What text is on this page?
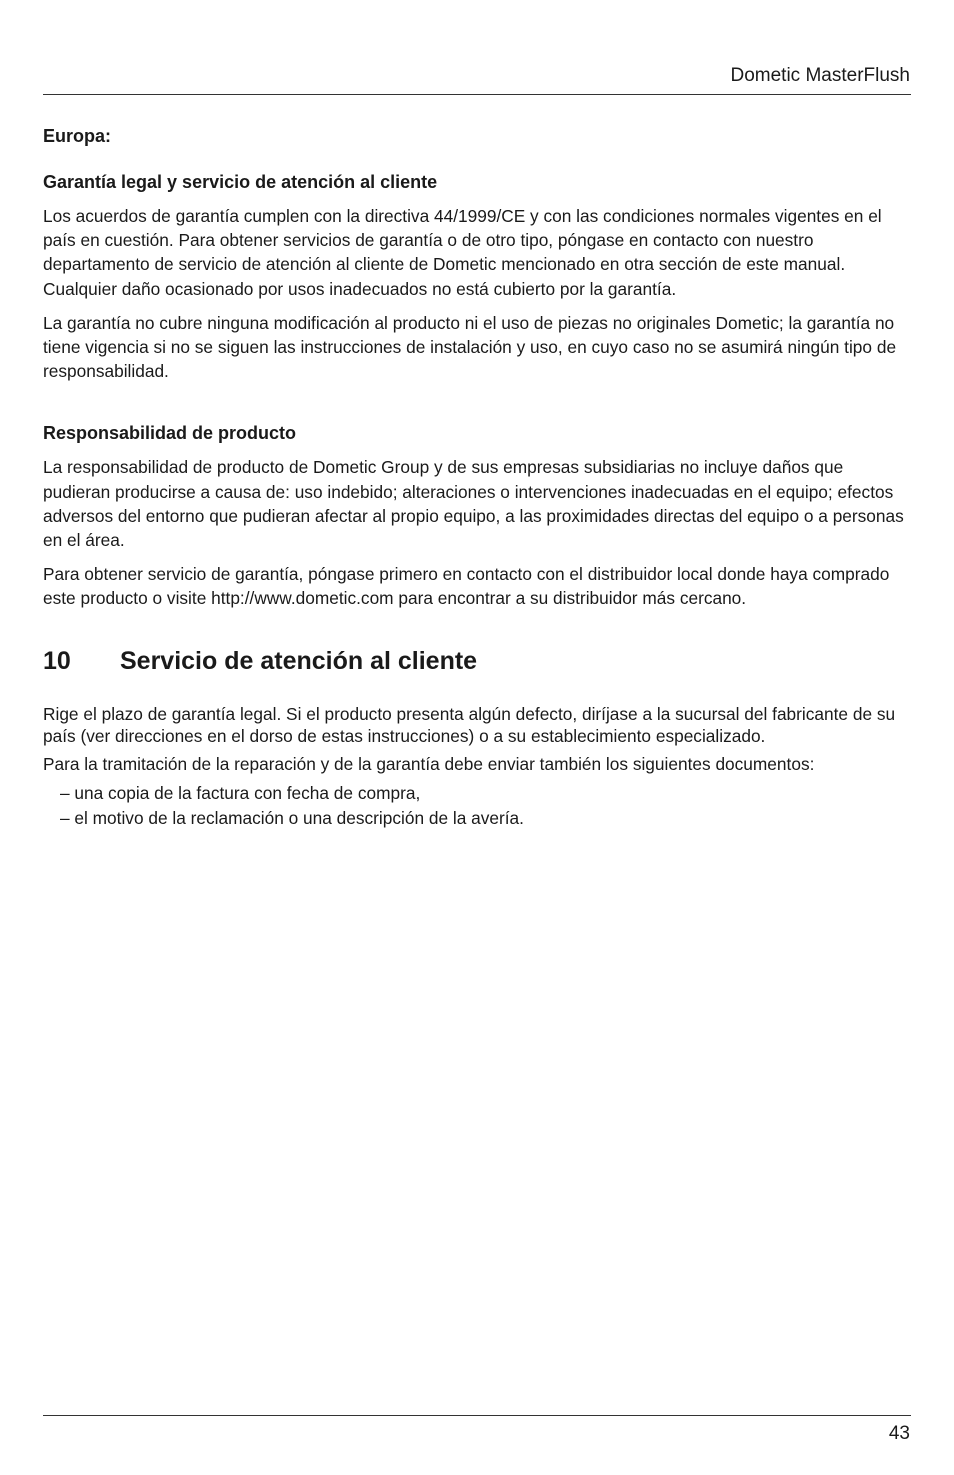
Dometic MasterFlush
Europa:
Garantía legal y servicio de atención al cliente

Los acuerdos de garantía cumplen con la directiva 44/1999/CE y con las condiciones normales vigentes en el país en cuestión. Para obtener servicios de garantía o de otro tipo, póngase en contacto con nuestro departamento de servicio de atención al cliente de Dometic mencionado en otra sección de este manual. Cualquier daño ocasionado por usos inadecuados no está cubierto por la garantía.

La garantía no cubre ninguna modificación al producto ni el uso de piezas no originales Dometic; la garantía no tiene vigencia si no se siguen las instrucciones de instalación y uso, en cuyo caso no se asumirá ningún tipo de responsabilidad.

Responsabilidad de producto

La responsabilidad de producto de Dometic Group y de sus empresas subsidiarias no incluye daños que pudieran producirse a causa de: uso indebido; alteraciones o intervenciones inadecuadas en el equipo; efectos adversos del entorno que pudieran afectar al propio equipo, a las proximidades directas del equipo o a personas en el área.

Para obtener servicio de garantía, póngase primero en contacto con el distribuidor local donde haya comprado este producto o visite http://www.dometic.com para encontrar a su distribuidor más cercano.

10	Servicio de atención al cliente

Rige el plazo de garantía legal. Si el producto presenta algún defecto, diríjase a la sucursal del fabricante de su país (ver direcciones en el dorso de estas instrucciones) o a su establecimiento especializado.

Para la tramitación de la reparación y de la garantía debe enviar también los siguientes documentos:

– una copia de la factura con fecha de compra,
– el motivo de la reclamación o una descripción de la avería.
43
